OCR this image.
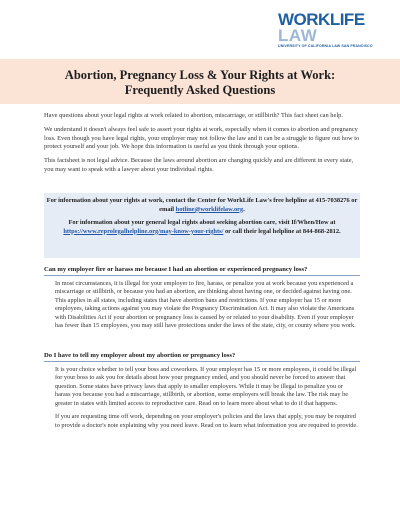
WORKLIFE
LAW
UNIVERSITY OF CALIFORNIA LAW SAN FRANCISCO
Abortion, Pregnancy Loss & Your Rights at Work:
Frequently Asked Questions

Have questions about your legal rights at work related to abortion, miscarriage, or stillbirth? This fact sheet can help.

We understand it doesn't always feel safe to assert your rights at work, especially when it comes to abortion and pregnancy loss. Even though you have legal rights, your employer may not follow the law and it can be a struggle to figure out how to protect yourself and your job. We hope this information is useful as you think through your options.

This factsheet is not legal advice. Because the laws around abortion are changing quickly and are different in every state, you may want to speak with a lawyer about your individual rights.

For information about your rights at work, contact the Center for WorkLife Law's free helpline at 415-7038276 or email hotline@worklifelaw.org.
For information about your general legal rights about seeking abortion care, visit If/When/How at https://www.reprolegalhelpline.org/may-know-your-rights/ or call their legal helpline at 844-868-2812.
Can my employer fire or harass me because I had an abortion or experienced pregnancy loss?

In most circumstances, it is illegal for your employer to fire, harass, or penalize you at work because you experienced a miscarriage or stillbirth, or because you had an abortion, are thinking about having one, or decided against having one. This applies in all states, including states that have abortion bans and restrictions. If your employer has 15 or more employees, taking actions against you may violate the Pregnancy Discrimination Act. It may also violate the Americans with Disabilities Act if your abortion or pregnancy loss is caused by or related to your disability. Even if your employer has fewer than 15 employees, you may still have protections under the laws of the state, city, or county where you work.

Do I have to tell my employer about my abortion or pregnancy loss?

It is your choice whether to tell your boss and coworkers. If your employer has 15 or more employees, it could be illegal for your boss to ask you for details about how your pregnancy ended, and you should never be forced to answer that question. Some states have privacy laws that apply to smaller employers. While it may be illegal to penalize you or harass you because you had a miscarriage, stillbirth, or abortion, some employers will break the law. The risk may be greater in states with limited access to reproductive care. Read on to learn more about what to do if that happens.

If you are requesting time off work, depending on your employer's policies and the laws that apply, you may be required to provide a doctor's note explaining why you need leave. Read on to learn what information you are required to provide.
